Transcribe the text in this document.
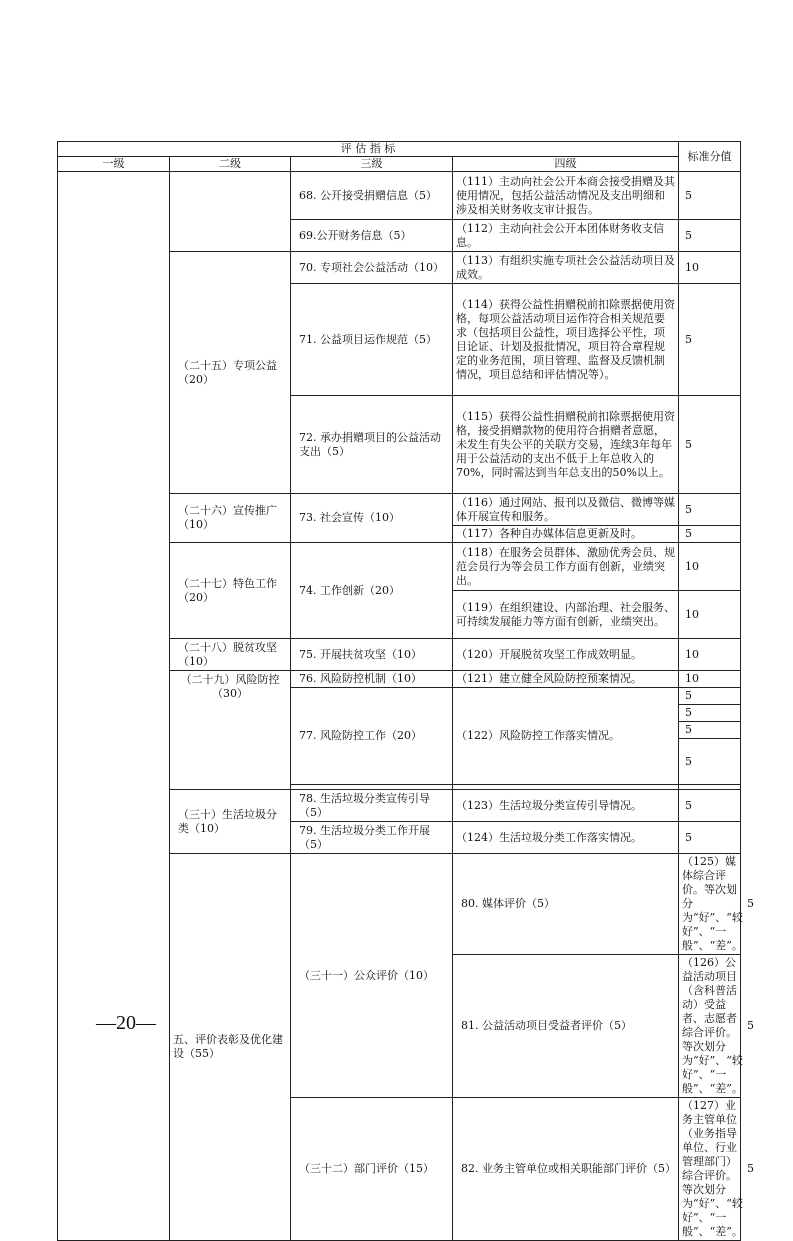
评 估 指 标				标准分值	
一级	二级	三级	四级		
		68. 公开接受捐赠信息（5）	（111）主动向社会公开本商会接受捐赠及其使用情况，包括公益活动情况及支出明细和涉及相关财务收支审计报告。	5	
		69.公开财务信息（5）	（112）主动向社会公开本团体财务收支信息。	5	
	（二十五）专项公益（20）	70. 专项社会公益活动（10）	（113）有组织实施专项社会公益活动项目及成效。	10	
		71. 公益项目运作规范（5）	（114）获得公益性捐赠税前扣除票据使用资格，每项公益活动项目运作符合相关规范要求（包括项目公益性，项目选择公平性，项目论证、计划及报批情况，项目符合章程规定的业务范围，项目管理、监督及反馈机制情况，项目总结和评估情况等）。	5	
		72. 承办捐赠项目的公益活动支出（5）	（115）获得公益性捐赠税前扣除票据使用资格，接受捐赠款物的使用符合捐赠者意愿，未发生有失公平的关联方交易，连续3年每年用于公益活动的支出不低于上年总收入的70%，同时需达到当年总支出的50%以上。	5	
	（二十六）宣传推广（10）	73. 社会宣传（10）	（116）通过网站、报刊以及微信、微博等媒体开展宣传和服务。	5	
			（117）各种自办媒体信息更新及时。	5	
	（二十七）特色工作（20）	74. 工作创新（20）	（118）在服务会员群体、激励优秀会员、规范会员行为等会员工作方面有创新，业绩突出。	10	
			（119）在组织建设、内部治理、社会服务、可持续发展能力等方面有创新，业绩突出。	10	
	（二十八）脱贫攻坚（10）	75. 开展扶贫攻坚（10）	（120）开展脱贫攻坚工作成效明显。	10	
	（二十九）风险防控（30）	76. 风险防控机制（10）	（121）建立健全风险防控预案情况。	10	
		77. 风险防控工作（20）	（122）风险防控工作落实情况。	5	
				5	
				5	
				5	

	（三十）生活垃圾分类（10）	78. 生活垃圾分类宣传引导（5）	（123）生活垃圾分类宣传引导情况。	5	
		79. 生活垃圾分类工作开展（5）	（124）生活垃圾分类工作落实情况。	5	
	五、评价表彰及优化建设（55）	（三十一）公众评价（10）	80. 媒体评价（5）	（125）媒体综合评价。等次划分为“好”、“较好”、“一般”、“差”。	5
			81. 公益活动项目受益者评价（5）	（126）公益活动项目（含科普活动）受益者、志愿者综合评价。等次划分为“好”、“较好”、“一般”、“差”。	5
		（三十二）部门评价（15）	82. 业务主管单位或相关职能部门评价（5）	（127）业务主管单位（业务指导单位、行业管理部门）综合评价。等次划分为“好”、“较好”、“一般”、“差”。	5
—20—
